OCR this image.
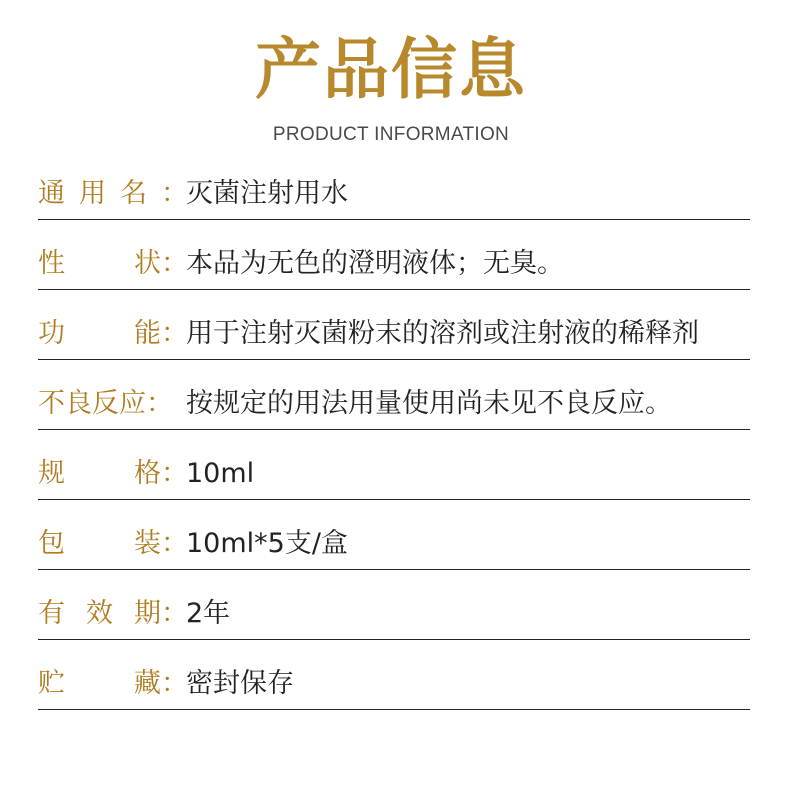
产品信息
PRODUCT INFORMATION
通 用 名 ：
灭菌注射用水
性	状：
本品为无色的澄明液体；无臭。
功	能：
用于注射灭菌粉末的溶剂或注射液的稀释剂
不良反应： 按规定的用法用量使用尚未见不良反应。
规	格：
10ml
包	装：
10ml*5支/盒
有 效 期：
2年
贮	藏：
密封保存
